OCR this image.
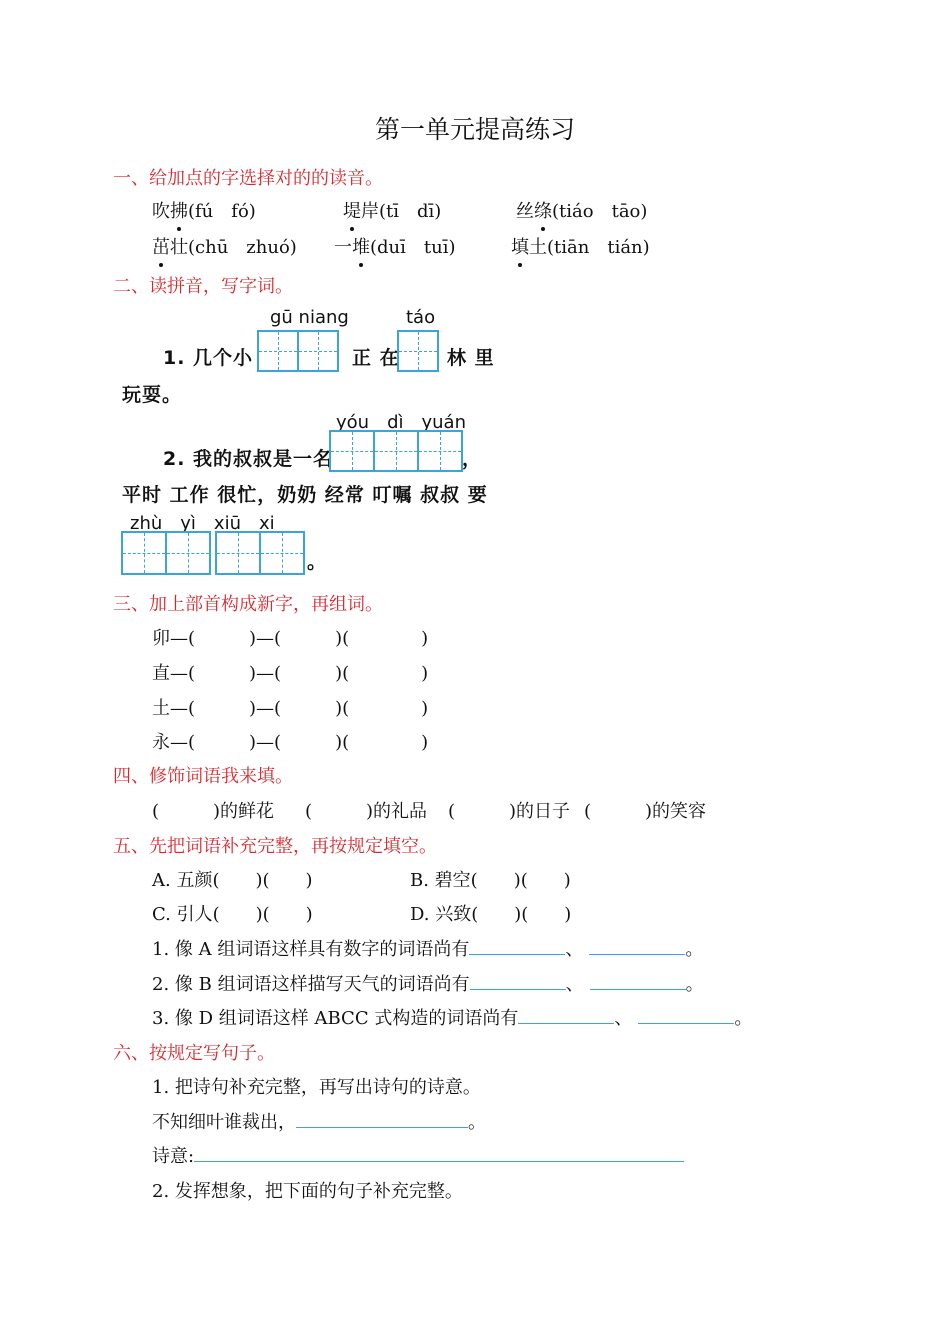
第一单元提高练习
一、给加点的字选择对的的读音。
吹拂(fú　fó)	堤岸(tī　dī)	丝绦(tiáo　tāo)
茁壮(chū　zhuó) 一堆(duī　tuī)	填土(tiān　tián)
二、读拼音，写字词。
gū niang	táo
1. 几个小	正 在 林 里
玩耍。
yóu　dì　yuán
2. 我的叔叔是一名	，
平时 工作 很忙，奶奶 经常 叮嘱 叔叔 要
zhù　yì　xiū　xi
。
三、加上部首构成新字，再组词。
卯—(　　　)—(　　　)(　　　　)
直—(　　　)—(　　　)(　　　　)
土—(　　　)—(　　　)(　　　　)
永—(　　　)—(　　　)(　　　　)
四、修饰词语我来填。
(　　　)的鲜花 (　　　)的礼品 (　　　)的日子 (　　　)的笑容
五、先把词语补充完整，再按规定填空。
A. 五颜(　　)(　　)	B. 碧空(　　)(　　)
C. 引人(　　)(　　)	D. 兴致(　　)(　　)
1. 像 A 组词语这样具有数字的词语尚有	、	。
2. 像 B 组词语这样描写天气的词语尚有	、	。
3. 像 D 组词语这样 ABCC 式构造的词语尚有	、	。
六、按规定写句子。
1. 把诗句补充完整，再写出诗句的诗意。
不知细叶谁裁出，	。
诗意:
2. 发挥想象，把下面的句子补充完整。
